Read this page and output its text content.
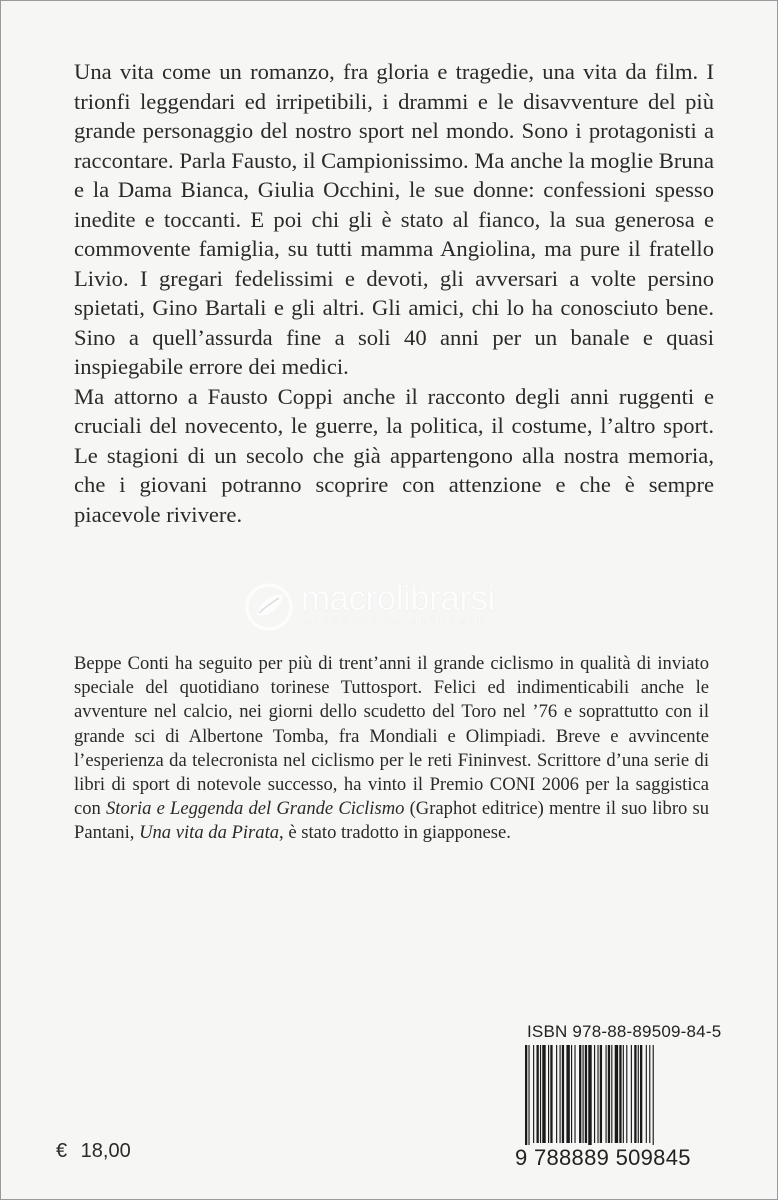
Una vita come un romanzo, fra gloria e tragedie, una vita da film. I trionfi leggendari ed irripetibili, i drammi e le disavventure del più grande personaggio del nostro sport nel mondo. Sono i protagonisti a raccontare. Parla Fausto, il Campionissimo. Ma anche la moglie Bruna e la Dama Bianca, Giulia Occhini, le sue donne: confessioni spesso inedite e toccanti. E poi chi gli è stato al fianco, la sua generosa e commovente famiglia, su tutti mamma Angiolina, ma pure il fratello Livio. I gregari fedelissimi e devoti, gli avversari a volte persino spietati, Gino Bartali e gli altri. Gli amici, chi lo ha conosciuto bene. Sino a quell’assurda fine a soli 40 anni per un banale e quasi inspiegabile errore dei medici.

Ma attorno a Fausto Coppi anche il racconto degli anni ruggenti e cruciali del novecento, le guerre, la politica, il costume, l’altro sport. Le stagioni di un secolo che già appartengono alla nostra memoria, che i giovani potranno scoprire con attenzione e che è sempre piacevole rivivere.

macrolibrarsi
ALTERNATIVA NATURALE

Beppe Conti ha seguito per più di trent’anni il grande ciclismo in qualità di inviato speciale del quotidiano torinese Tuttosport. Felici ed indimenticabili anche le avventure nel calcio, nei giorni dello scudetto del Toro nel ’76 e soprattutto con il grande sci di Albertone Tomba, fra Mondiali e Olimpiadi. Breve e avvincente l’esperienza da telecronista nel ciclismo per le reti Fininvest. Scrittore d’una serie di libri di sport di notevole successo, ha vinto il Premio CONI 2006 per la saggistica con Storia e Leggenda del Grande Ciclismo (Graphot editrice) mentre il suo libro su Pantani, Una vita da Pirata, è stato tradotto in giapponese.

ISBN 978-88-89509-84-5
9 788889 509845
€ 18,00
